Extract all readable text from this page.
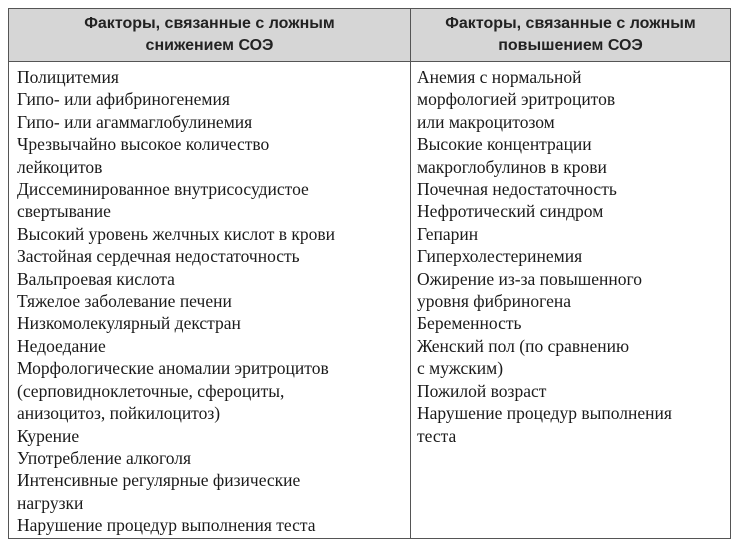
Факторы, связанные с ложным
снижением СОЭ
Факторы, связанные с ложным
повышением СОЭ
Полицитемия
Гипо- или афибриногенемия
Гипо- или агаммаглобулинемия
Чрезвычайно высокое количество
лейкоцитов
Диссеминированное внутрисосудистое
свертывание
Высокий уровень желчных кислот в крови
Застойная сердечная недостаточность
Вальпроевая кислота
Тяжелое заболевание печени
Низкомолекулярный декстран
Недоедание
Морфологические аномалии эритроцитов
(серповидноклеточные, сфероциты,
анизоцитоз, пойкилоцитоз)
Курение
Употребление алкоголя
Интенсивные регулярные физические
нагрузки
Нарушение процедур выполнения теста
Анемия с нормальной
морфологией эритроцитов
или макроцитозом
Высокие концентрации
макроглобулинов в крови
Почечная недостаточность
Нефротический синдром
Гепарин
Гиперхолестеринемия
Ожирение из-за повышенного
уровня фибриногена
Беременность
Женский пол (по сравнению
с мужским)
Пожилой возраст
Нарушение процедур выполнения
теста
